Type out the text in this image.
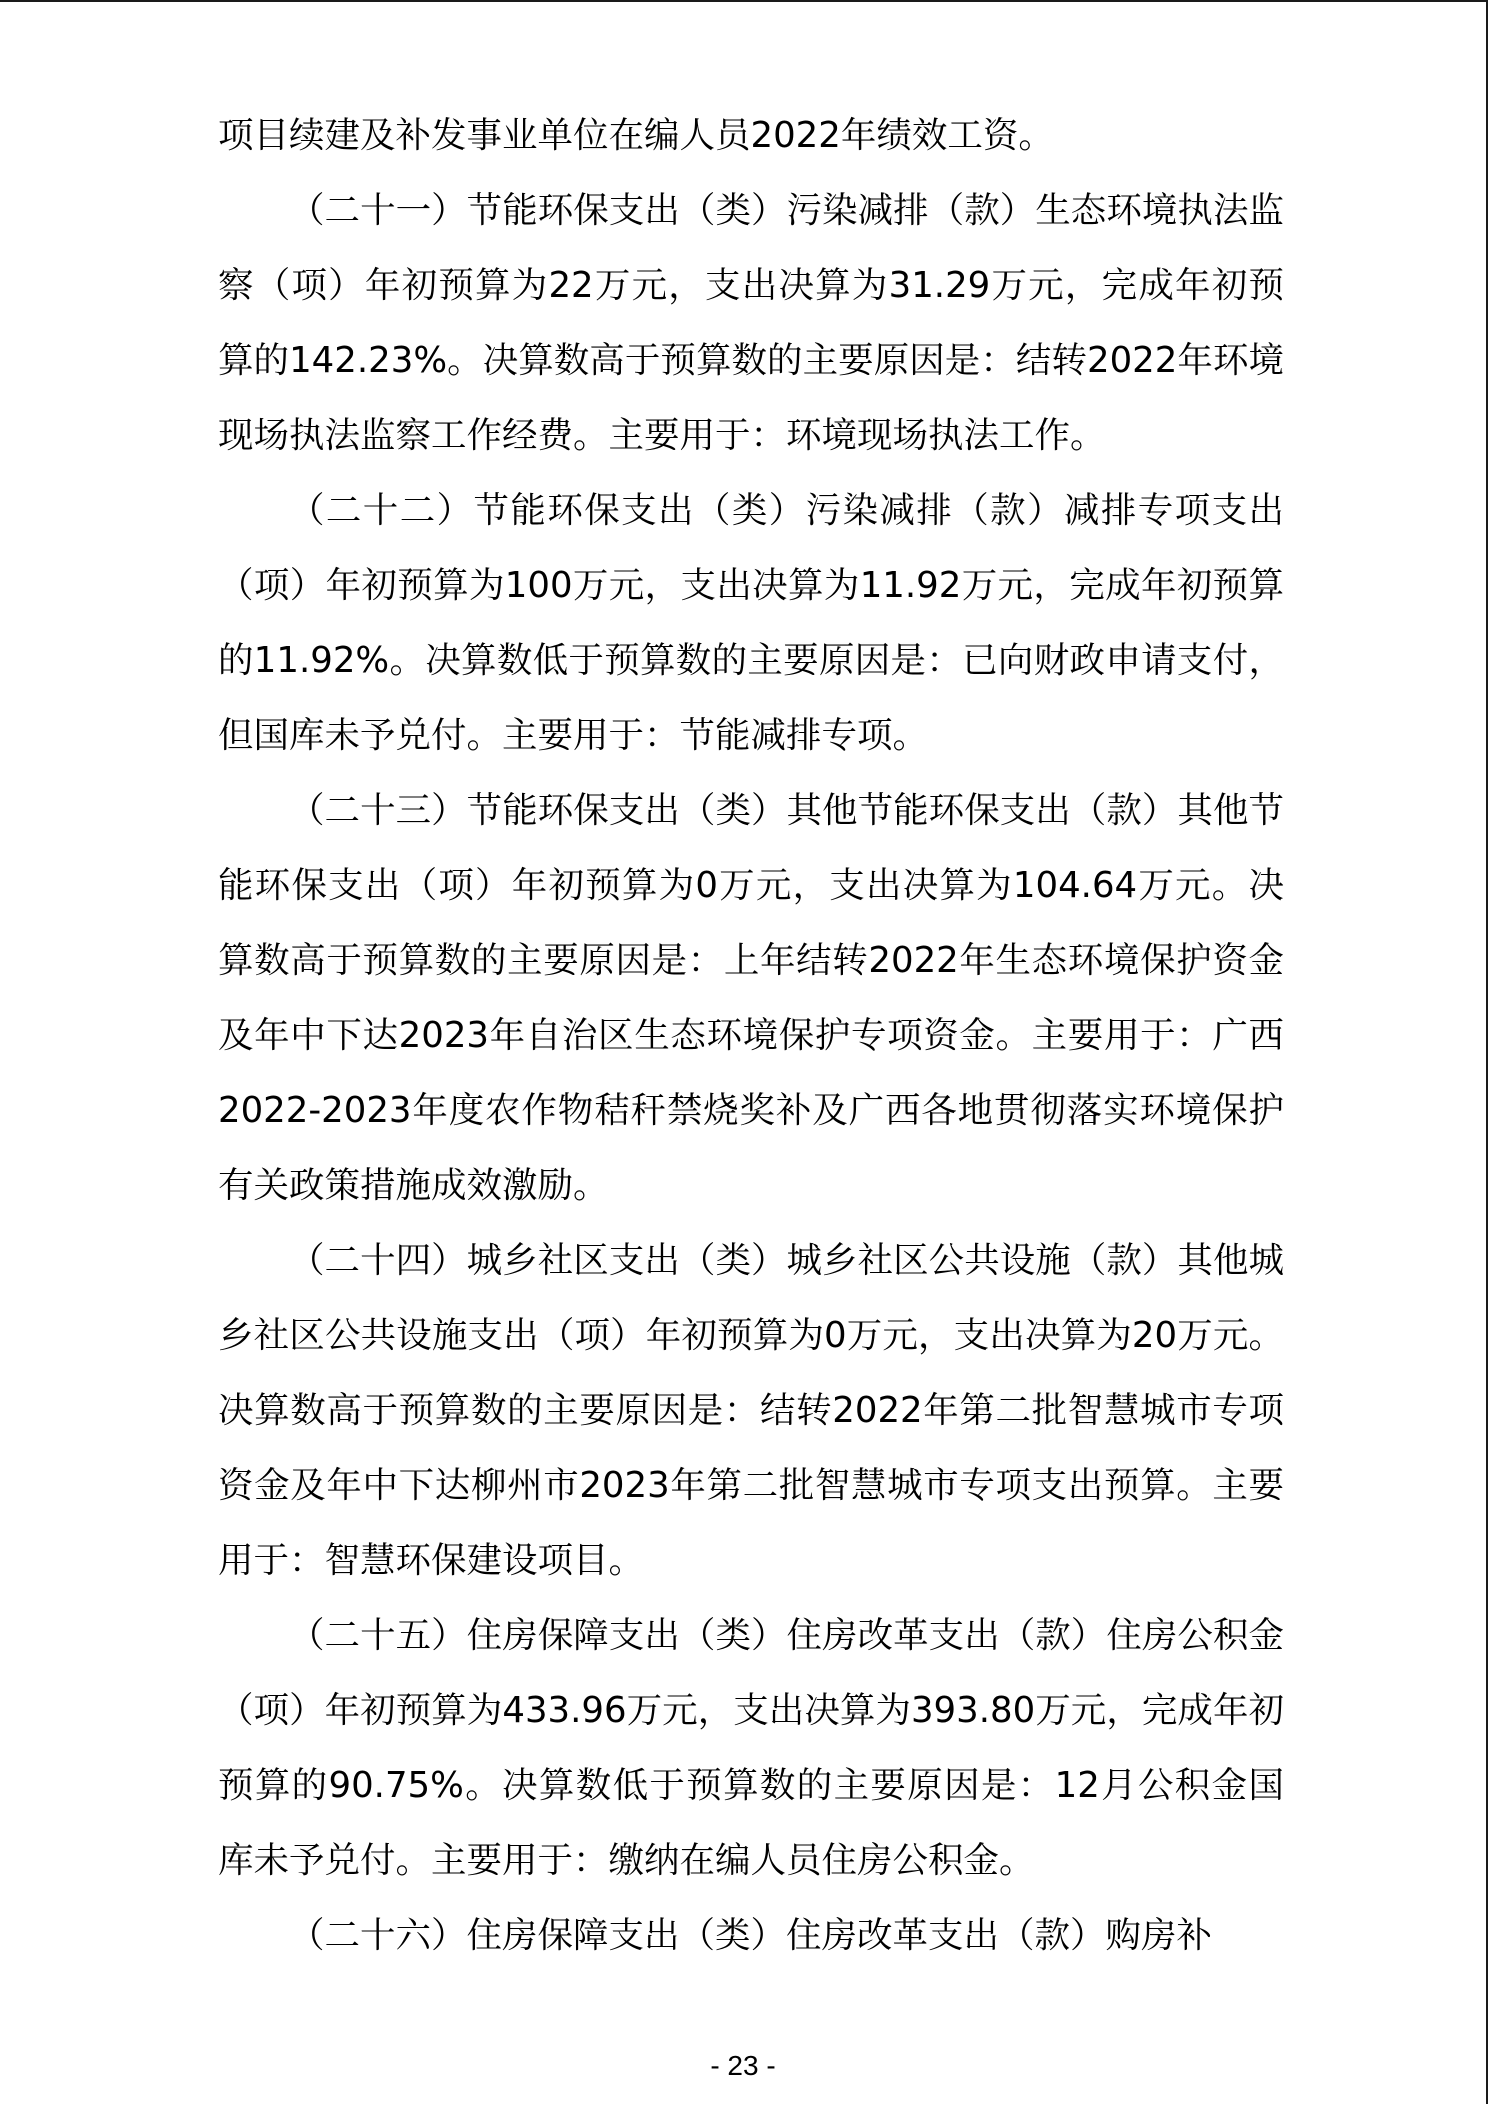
项目续建及补发事业单位在编人员2022年绩效工资。

（二十一）节能环保支出（类）污染减排（款）生态环境执法监察（项）年初预算为22万元，支出决算为31.29万元，完成年初预算的142.23%。决算数高于预算数的主要原因是：结转2022年环境现场执法监察工作经费。主要用于：环境现场执法工作。

（二十二）节能环保支出（类）污染减排（款）减排专项支出（项）年初预算为100万元，支出决算为11.92万元，完成年初预算的11.92%。决算数低于预算数的主要原因是：已向财政申请支付，但国库未予兑付。主要用于：节能减排专项。

（二十三）节能环保支出（类）其他节能环保支出（款）其他节能环保支出（项）年初预算为0万元，支出决算为104.64万元。决算数高于预算数的主要原因是：上年结转2022年生态环境保护资金及年中下达2023年自治区生态环境保护专项资金。主要用于：广西2022-2023年度农作物秸秆禁烧奖补及广西各地贯彻落实环境保护有关政策措施成效激励。

（二十四）城乡社区支出（类）城乡社区公共设施（款）其他城乡社区公共设施支出（项）年初预算为0万元，支出决算为20万元。决算数高于预算数的主要原因是：结转2022年第二批智慧城市专项资金及年中下达柳州市2023年第二批智慧城市专项支出预算。主要用于：智慧环保建设项目。

（二十五）住房保障支出（类）住房改革支出（款）住房公积金（项）年初预算为433.96万元，支出决算为393.80万元，完成年初预算的90.75%。决算数低于预算数的主要原因是：12月公积金国库未予兑付。主要用于：缴纳在编人员住房公积金。

（二十六）住房保障支出（类）住房改革支出（款）购房补

- 23 -
